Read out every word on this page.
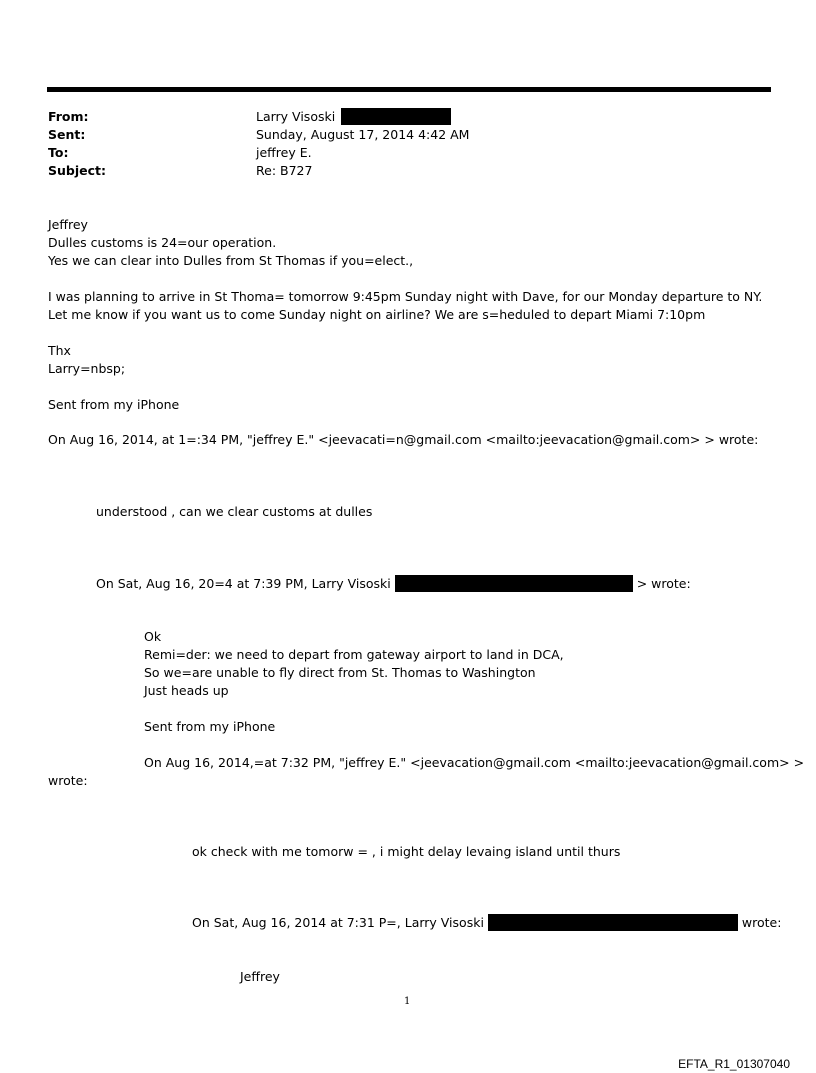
From:
Sent:
To:
Subject:
Larry Visoski
Sunday, August 17, 2014 4:42 AM
jeffrey E.
Re: B727
Jeffrey
Dulles customs is 24=our operation.
Yes we can clear into Dulles from St Thomas if you=elect.,
I was planning to arrive in St Thoma= tomorrow 9:45pm Sunday night with Dave, for our Monday departure to NY.
Let me know if you want us to come Sunday night on airline? We are s=heduled to depart Miami 7:10pm
Thx
Larry=nbsp;
Sent from my iPhone
On Aug 16, 2014, at 1=:34 PM, "jeffrey E." <jeevacati=n@gmail.com <mailto:jeevacation@gmail.com> > wrote:
understood , can we clear customs at dulles
On Sat, Aug 16, 20=4 at 7:39 PM, Larry Visoski	> wrote:
Ok
Remi=der: we need to depart from gateway airport to land in DCA,
So we=are unable to fly direct from St. Thomas to Washington
Just heads up
Sent from my iPhone
On Aug 16, 2014,=at 7:32 PM, "jeffrey E." <jeevacation@gmail.com <mailto:jeevacation@gmail.com> >
wrote:
ok check with me tomorw = , i might delay levaing island until thurs
On Sat, Aug 16, 2014 at 7:31 P=, Larry Visoski	wrote:
Jeffrey
1
EFTA_R1_01307040
